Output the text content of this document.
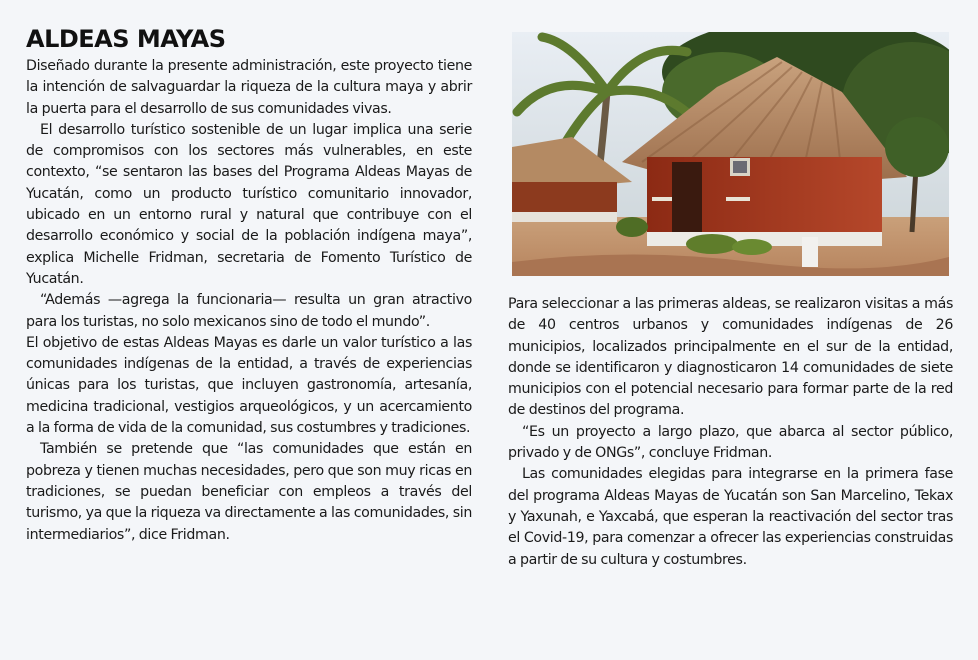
ALDEAS MAYAS

Diseñado durante la presente administración, este proyecto tiene la intención de salvaguardar la riqueza de la cultura maya y abrir la puerta para el desarrollo de sus comunidades vivas.

El desarrollo turístico sostenible de un lugar implica una serie de compromisos con los sectores más vulnerables, en este contexto, “se sentaron las bases del Programa Aldeas Mayas de Yucatán, como un producto turístico comunitario innovador, ubicado en un entorno rural y natural que contribuye con el desarrollo económico y social de la población indígena maya”, explica Michelle Fridman, secretaria de Fomento Turístico de Yucatán.

“Además —agrega la funcionaria— resulta un gran atractivo para los turistas, no solo mexicanos sino de todo el mundo”.

El objetivo de estas Aldeas Mayas es darle un valor turístico a las comunidades indígenas de la entidad, a través de experiencias únicas para los turistas, que incluyen gastronomía, artesanía, medicina tradicional, vestigios arqueológicos, y un acercamiento a la forma de vida de la comunidad, sus costumbres y tradiciones.

También se pretende que “las comunidades que están en pobreza y tienen muchas necesidades, pero que son muy ricas en tradiciones, se puedan beneficiar con empleos a través del turismo, ya que la riqueza va directamente a las comunidades, sin intermediarios”, dice Fridman.

Para seleccionar a las primeras aldeas, se realizaron visitas a más de 40 centros urbanos y comunidades indígenas de 26 municipios, localizados principalmente en el sur de la entidad, donde se identificaron y diagnosticaron 14 comunidades de siete municipios con el potencial necesario para formar parte de la red de destinos del programa.

“Es un proyecto a largo plazo, que abarca al sector público, privado y de ONGs”, concluye Fridman.

Las comunidades elegidas para integrarse en la primera fase del programa Aldeas Mayas de Yucatán son San Marcelino, Tekax y Yaxunah, e Yaxcabá, que esperan la reactivación del sector tras el Covid-19, para comenzar a ofrecer las experiencias construidas a partir de su cultura y costumbres.
